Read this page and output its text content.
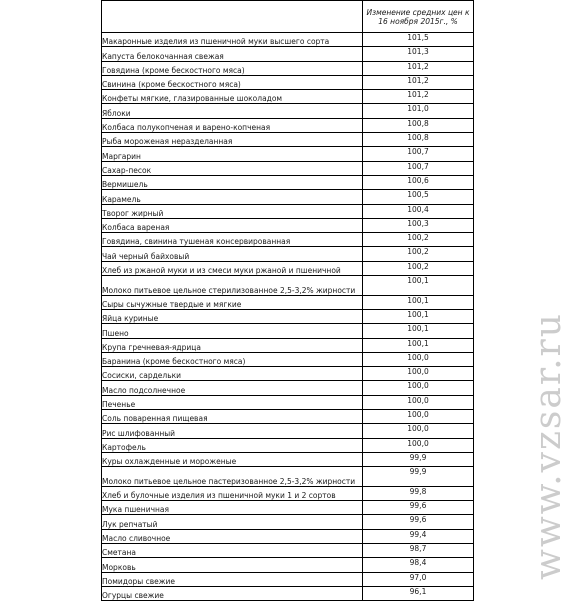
	Изменение средних цен к 16 ноября 2015г., %
Макаронные изделия из пшеничной муки высшего сорта	101,5
Капуста белокочанная свежая	101,3
Говядина (кроме бескостного мяса)	101,2
Свинина (кроме бескостного мяса)	101,2
Конфеты мягкие, глазированные шоколадом	101,2
Яблоки	101,0
Колбаса полукопченая и варено-копченая	100,8
Рыба мороженая неразделанная	100,8
Маргарин	100,7
Сахар-песок	100,7
Вермишель	100,6
Карамель	100,5
Творог жирный	100,4
Колбаса вареная	100,3
Говядина, свинина тушеная консервированная	100,2
Чай черный байховый	100,2
Хлеб из ржаной муки и из смеси муки ржаной и пшеничной	100,2
Молоко питьевое цельное стерилизованное 2,5-3,2% жирности	100,1
Сыры сычужные твердые и мягкие	100,1
Яйца куриные	100,1
Пшено	100,1
Крупа гречневая-ядрица	100,1
Баранина (кроме бескостного мяса)	100,0
Сосиски, сардельки	100,0
Масло подсолнечное	100,0
Печенье	100,0
Соль поваренная пищевая	100,0
Рис шлифованный	100,0
Картофель	100,0
Куры охлажденные и мороженые	99,9
Молоко питьевое цельное пастеризованное 2,5-3,2% жирности	99,9
Хлеб и булочные изделия из пшеничной муки 1 и 2 сортов	99,8
Мука пшеничная	99,6
Лук репчатый	99,6
Масло сливочное	99,4
Сметана	98,7
Морковь	98,4
Помидоры свежие	97,0
Огурцы свежие	96,1
www.vzsar.ru
